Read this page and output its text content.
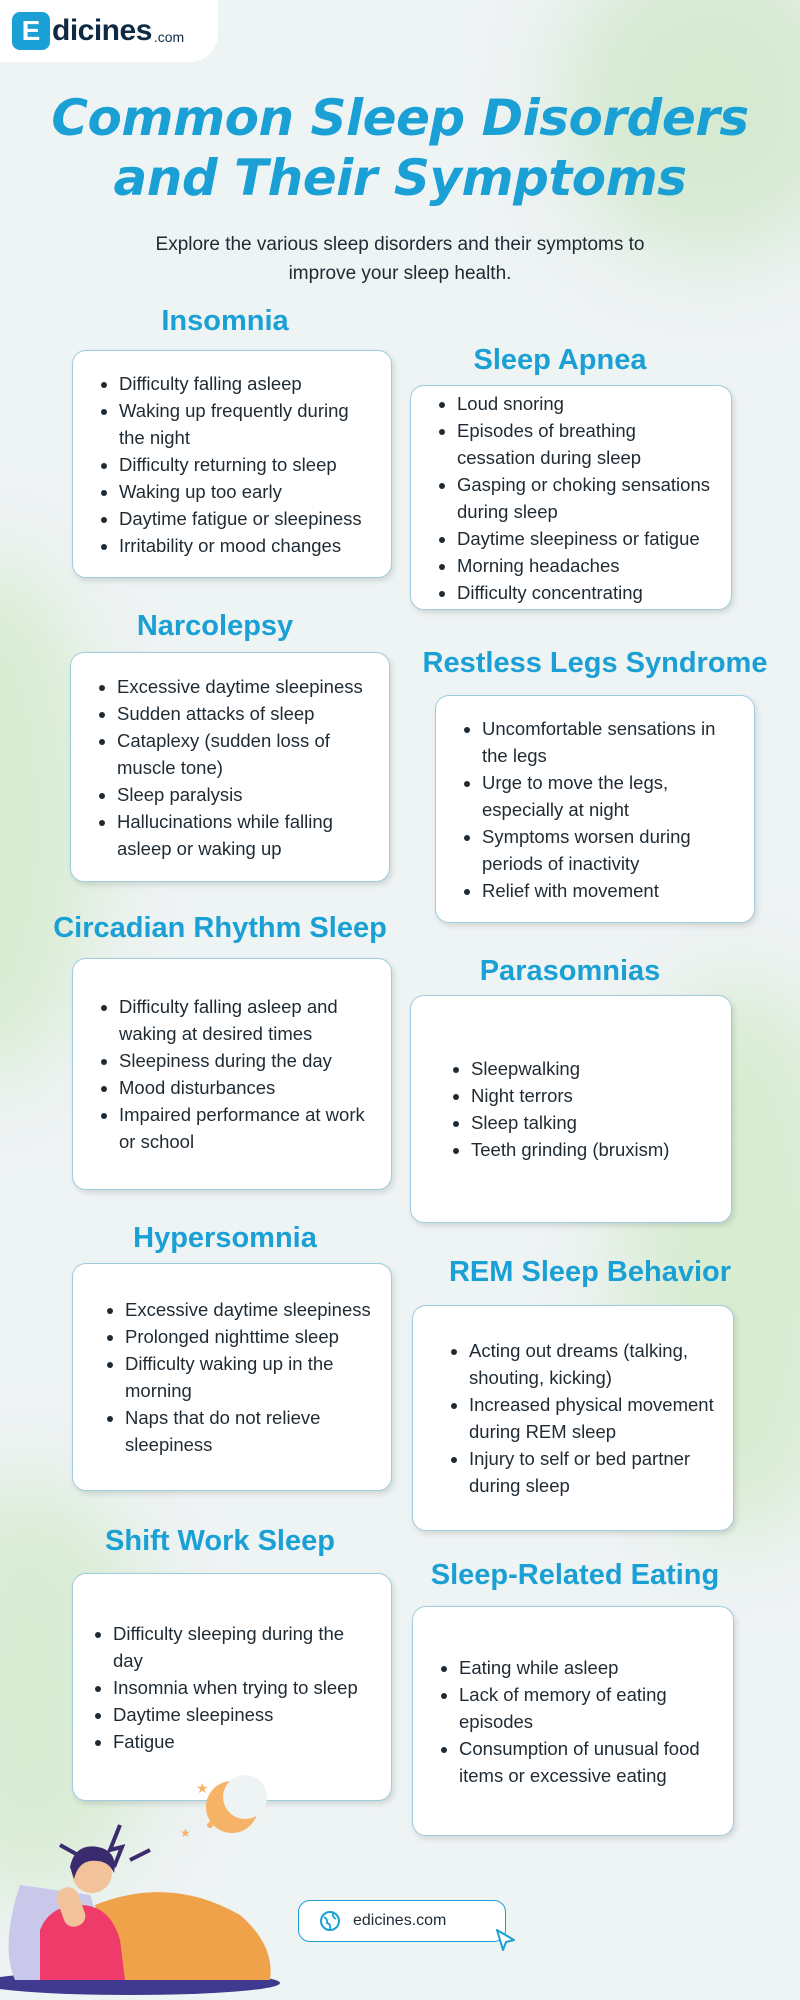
E dicines .com
Common Sleep Disorders
and Their Symptoms
Explore the various sleep disorders and their symptoms to improve your sleep health.
Insomnia
• Difficulty falling asleep
• Waking up frequently during the night
• Difficulty returning to sleep
• Waking up too early
• Daytime fatigue or sleepiness
• Irritability or mood changes
Sleep Apnea
• Loud snoring
• Episodes of breathing cessation during sleep
• Gasping or choking sensations during sleep
• Daytime sleepiness or fatigue
• Morning headaches
• Difficulty concentrating
Narcolepsy
• Excessive daytime sleepiness
• Sudden attacks of sleep
• Cataplexy (sudden loss of muscle tone)
• Sleep paralysis
• Hallucinations while falling asleep or waking up
Restless Legs Syndrome
• Uncomfortable sensations in the legs
• Urge to move the legs, especially at night
• Symptoms worsen during periods of inactivity
• Relief with movement
Circadian Rhythm Sleep
• Difficulty falling asleep and waking at desired times
• Sleepiness during the day
• Mood disturbances
• Impaired performance at work or school
Parasomnias
• Sleepwalking
• Night terrors
• Sleep talking
• Teeth grinding (bruxism)
Hypersomnia
• Excessive daytime sleepiness
• Prolonged nighttime sleep
• Difficulty waking up in the morning
• Naps that do not relieve sleepiness
REM Sleep Behavior
• Acting out dreams (talking, shouting, kicking)
• Increased physical movement during REM sleep
• Injury to self or bed partner during sleep
Shift Work Sleep
• Difficulty sleeping during the day
• Insomnia when trying to sleep
• Daytime sleepiness
• Fatigue
Sleep-Related Eating
• Eating while asleep
• Lack of memory of eating episodes
• Consumption of unusual food items or excessive eating
★
★
edicines.com
